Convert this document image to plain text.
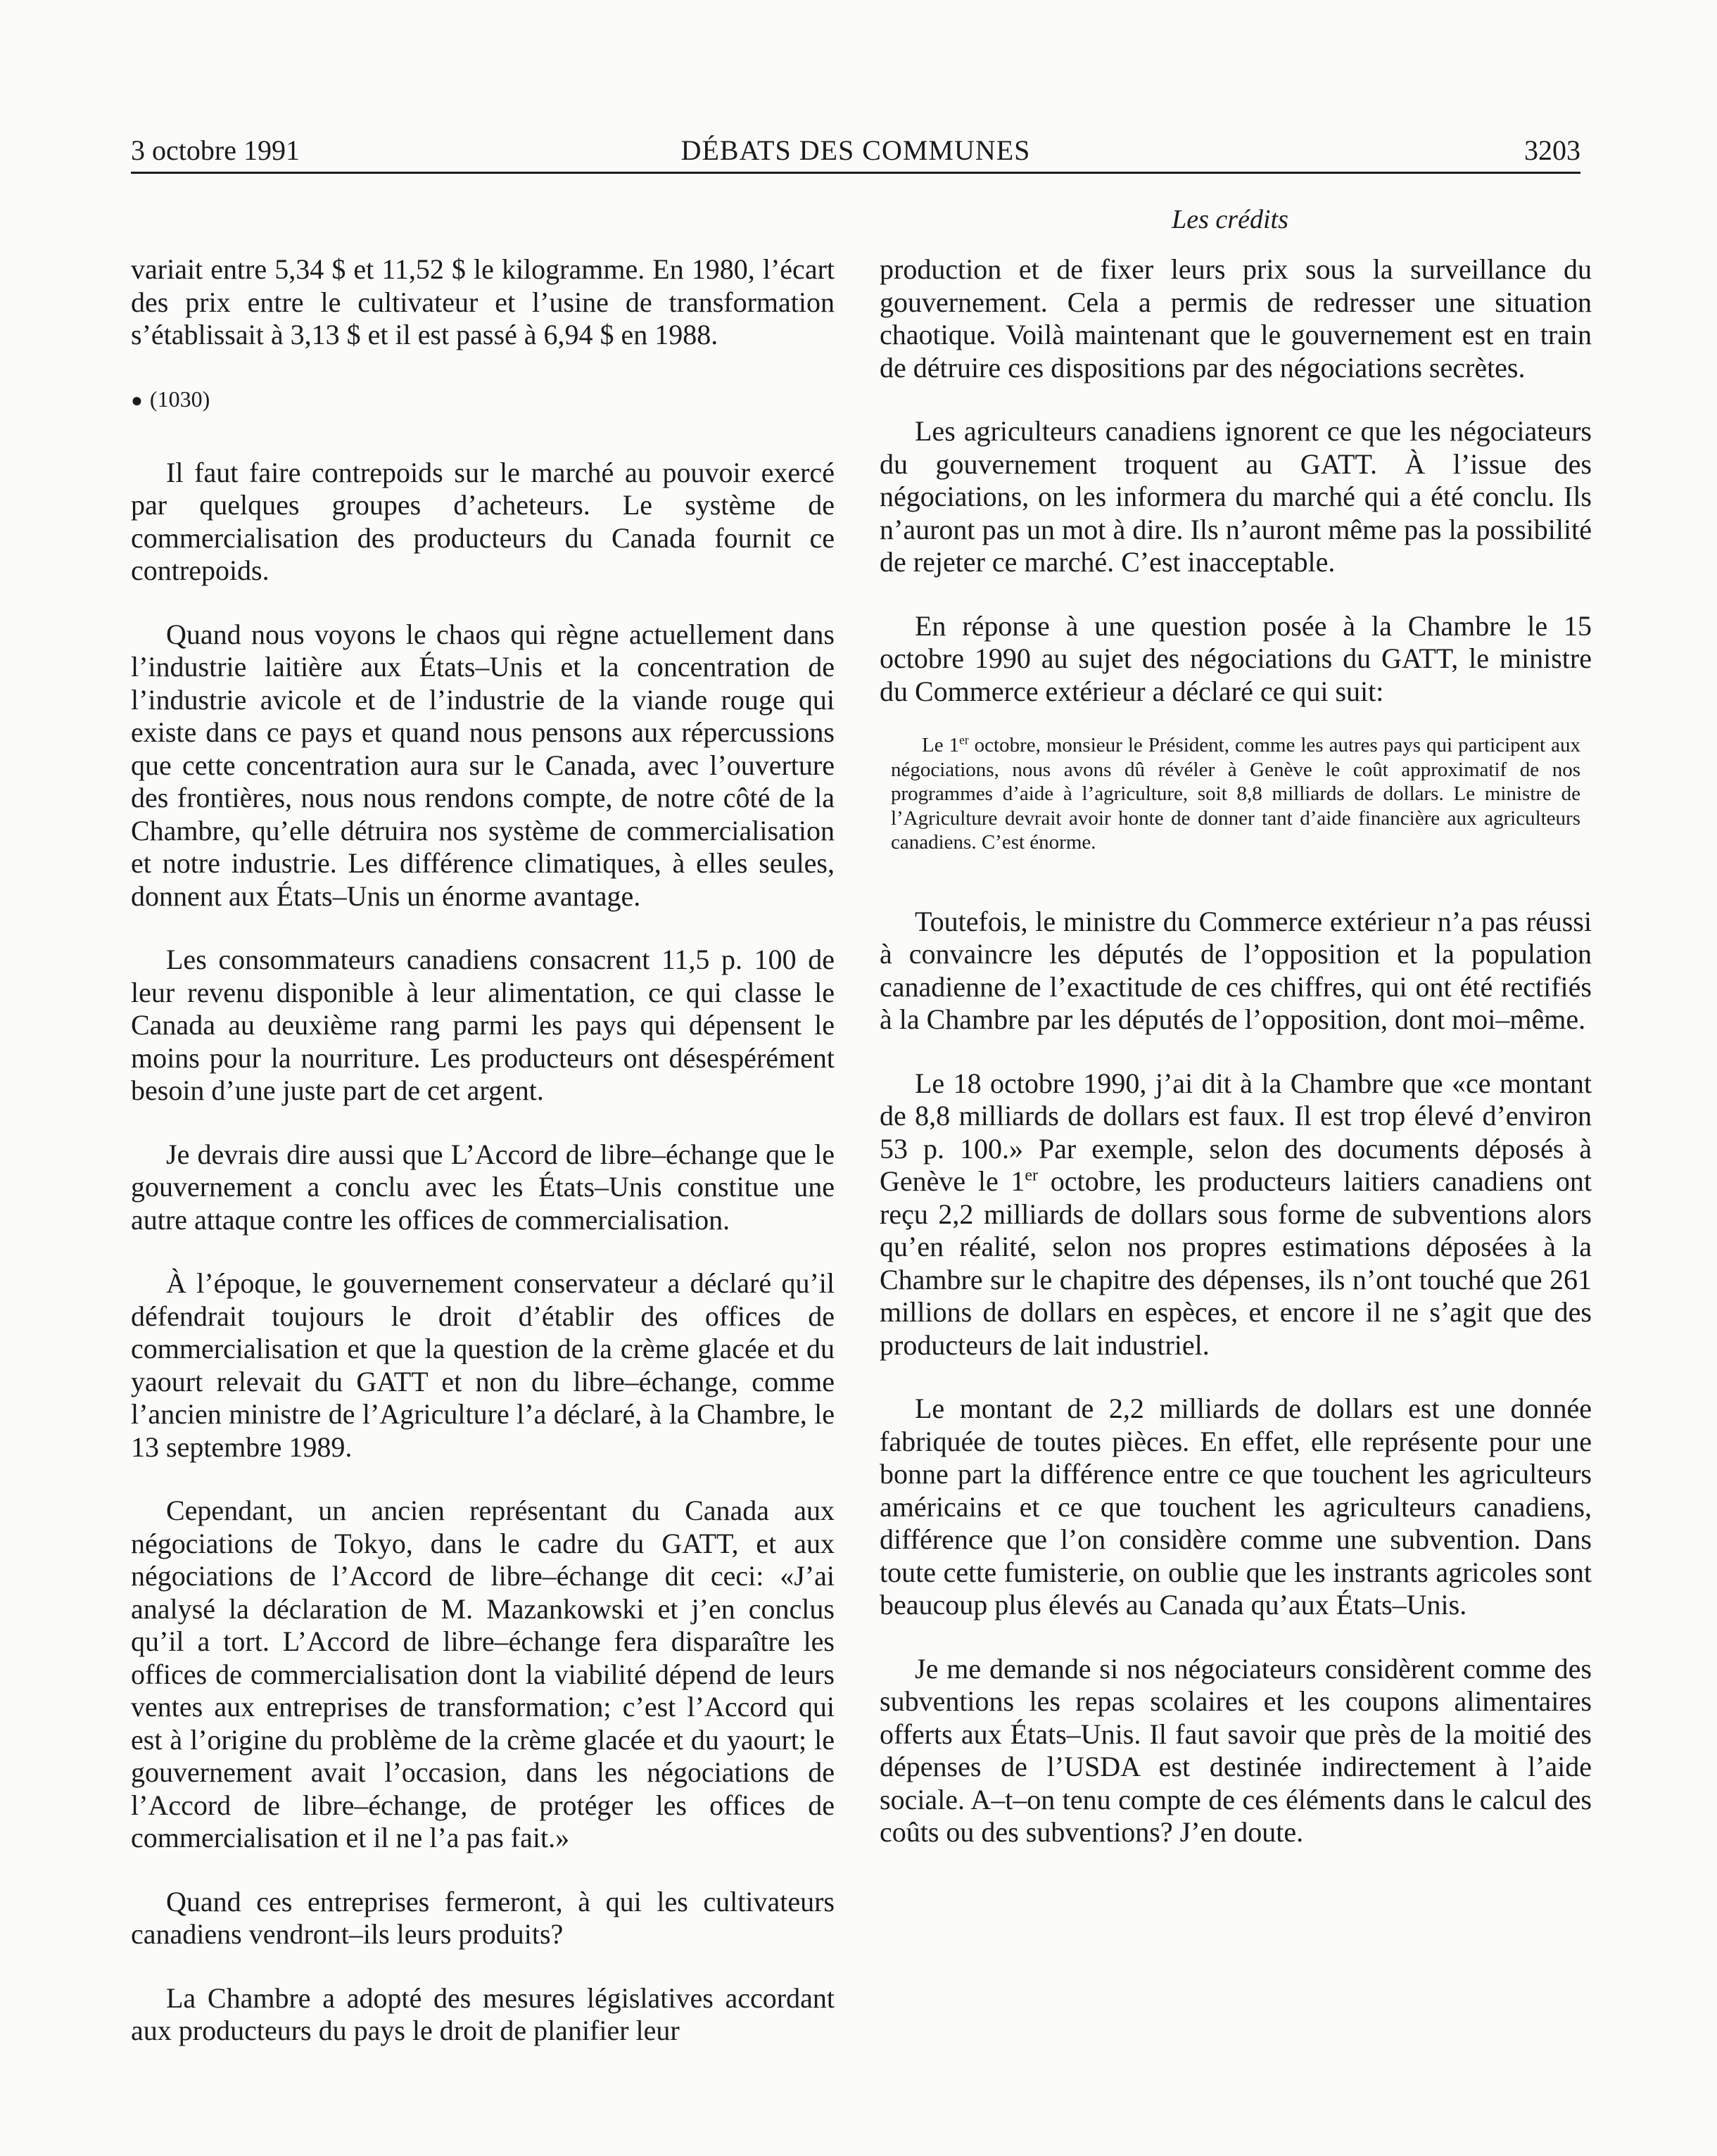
3 octobre 1991	DÉBATS DES COMMUNES	3203
Les crédits

variait entre 5,34 $ et 11,52 $ le kilogramme. En 1980, l’écart des prix entre le cultivateur et l’usine de transformation s’établissait à 3,13 $ et il est passé à 6,94 $ en 1988.

● (1030)

Il faut faire contrepoids sur le marché au pouvoir exercé par quelques groupes d’acheteurs. Le système de commercialisation des producteurs du Canada fournit ce contrepoids.

Quand nous voyons le chaos qui règne actuellement dans l’industrie laitière aux États–Unis et la concentration de l’industrie avicole et de l’industrie de la viande rouge qui existe dans ce pays et quand nous pensons aux répercussions que cette concentration aura sur le Canada, avec l’ouverture des frontières, nous nous rendons compte, de notre côté de la Chambre, qu’elle détruira nos système de commercialisation et notre industrie. Les différence climatiques, à elles seules, donnent aux États–Unis un énorme avantage.

Les consommateurs canadiens consacrent 11,5 p. 100 de leur revenu disponible à leur alimentation, ce qui classe le Canada au deuxième rang parmi les pays qui dépensent le moins pour la nourriture. Les producteurs ont désespérément besoin d’une juste part de cet argent.

Je devrais dire aussi que L’Accord de libre–échange que le gouvernement a conclu avec les États–Unis constitue une autre attaque contre les offices de commercialisation.

À l’époque, le gouvernement conservateur a déclaré qu’il défendrait toujours le droit d’établir des offices de commercialisation et que la question de la crème glacée et du yaourt relevait du GATT et non du libre–échange, comme l’ancien ministre de l’Agriculture l’a déclaré, à la Chambre, le 13 septembre 1989.

Cependant, un ancien représentant du Canada aux négociations de Tokyo, dans le cadre du GATT, et aux négociations de l’Accord de libre–échange dit ceci: «J’ai analysé la déclaration de M. Mazankowski et j’en conclus qu’il a tort. L’Accord de libre–échange fera disparaître les offices de commercialisation dont la viabilité dépend de leurs ventes aux entreprises de transformation; c’est l’Accord qui est à l’origine du problème de la crème glacée et du yaourt; le gouvernement avait l’occasion, dans les négociations de l’Accord de libre–échange, de protéger les offices de commercialisation et il ne l’a pas fait.»

Quand ces entreprises fermeront, à qui les cultivateurs canadiens vendront–ils leurs produits?

La Chambre a adopté des mesures législatives accordant aux producteurs du pays le droit de planifier leur

production et de fixer leurs prix sous la surveillance du gouvernement. Cela a permis de redresser une situation chaotique. Voilà maintenant que le gouvernement est en train de détruire ces dispositions par des négociations secrètes.

Les agriculteurs canadiens ignorent ce que les négociateurs du gouvernement troquent au GATT. À l’issue des négociations, on les informera du marché qui a été conclu. Ils n’auront pas un mot à dire. Ils n’auront même pas la possibilité de rejeter ce marché. C’est inacceptable.

En réponse à une question posée à la Chambre le 15 octobre 1990 au sujet des négociations du GATT, le ministre du Commerce extérieur a déclaré ce qui suit:

Le 1er octobre, monsieur le Président, comme les autres pays qui participent aux négociations, nous avons dû révéler à Genève le coût approximatif de nos programmes d’aide à l’agriculture, soit 8,8 milliards de dollars. Le ministre de l’Agriculture devrait avoir honte de donner tant d’aide financière aux agriculteurs canadiens. C’est énorme.

Toutefois, le ministre du Commerce extérieur n’a pas réussi à convaincre les députés de l’opposition et la population canadienne de l’exactitude de ces chiffres, qui ont été rectifiés à la Chambre par les députés de l’opposition, dont moi–même.

Le 18 octobre 1990, j’ai dit à la Chambre que «ce montant de 8,8 milliards de dollars est faux. Il est trop élevé d’environ 53 p. 100.» Par exemple, selon des documents déposés à Genève le 1er octobre, les producteurs laitiers canadiens ont reçu 2,2 milliards de dollars sous forme de subventions alors qu’en réalité, selon nos propres estimations déposées à la Chambre sur le chapitre des dépenses, ils n’ont touché que 261 millions de dollars en espèces, et encore il ne s’agit que des producteurs de lait industriel.

Le montant de 2,2 milliards de dollars est une donnée fabriquée de toutes pièces. En effet, elle représente pour une bonne part la différence entre ce que touchent les agriculteurs américains et ce que touchent les agriculteurs canadiens, différence que l’on considère comme une subvention. Dans toute cette fumisterie, on oublie que les instrants agricoles sont beaucoup plus élevés au Canada qu’aux États–Unis.

Je me demande si nos négociateurs considèrent comme des subventions les repas scolaires et les coupons alimentaires offerts aux États–Unis. Il faut savoir que près de la moitié des dépenses de l’USDA est destinée indirectement à l’aide sociale. A–t–on tenu compte de ces éléments dans le calcul des coûts ou des subventions? J’en doute.
